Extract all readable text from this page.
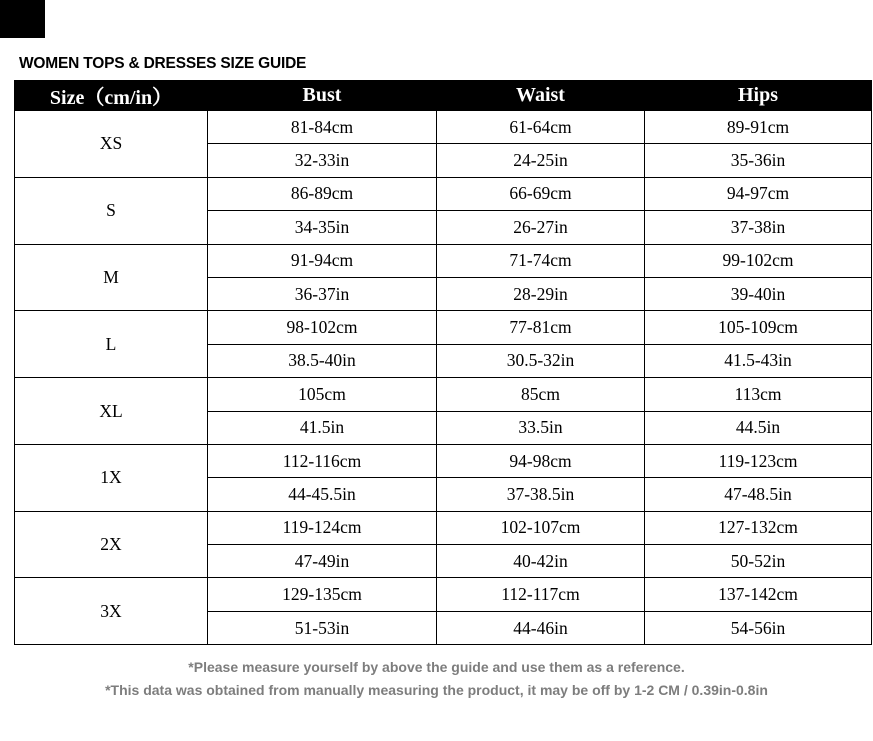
WOMEN TOPS & DRESSES SIZE GUIDE
Size（cm/in）	Bust	Waist	Hips
XS	81-84cm	61-64cm	89-91cm
	32-33in	24-25in	35-36in
S	86-89cm	66-69cm	94-97cm
	34-35in	26-27in	37-38in
M	91-94cm	71-74cm	99-102cm
	36-37in	28-29in	39-40in
L	98-102cm	77-81cm	105-109cm
	38.5-40in	30.5-32in	41.5-43in
XL	105cm	85cm	113cm
	41.5in	33.5in	44.5in
1X	112-116cm	94-98cm	119-123cm
	44-45.5in	37-38.5in	47-48.5in
2X	119-124cm	102-107cm	127-132cm
	47-49in	40-42in	50-52in
3X	129-135cm	112-117cm	137-142cm
	51-53in	44-46in	54-56in
*Please measure yourself by above the guide and use them as a reference.
*This data was obtained from manually measuring the product, it may be off by 1-2 CM / 0.39in-0.8in
